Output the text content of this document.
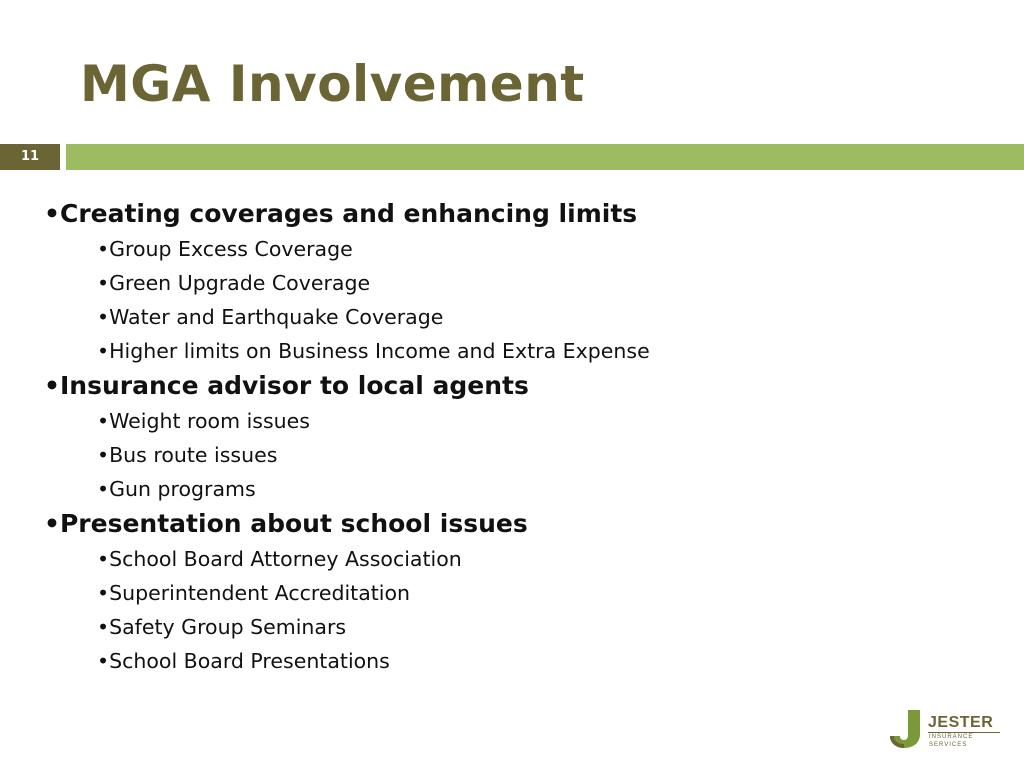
MGA Involvement
11

•Creating coverages and enhancing limits

•Group Excess Coverage

•Green Upgrade Coverage

•Water and Earthquake Coverage

•Higher limits on Business Income and Extra Expense

•Insurance advisor to local agents

•Weight room issues

•Bus route issues

•Gun programs

•Presentation about school issues

•School Board Attorney Association

•Superintendent Accreditation

•Safety Group Seminars

•School Board Presentations

JESTER
INSURANCE SERVICES
